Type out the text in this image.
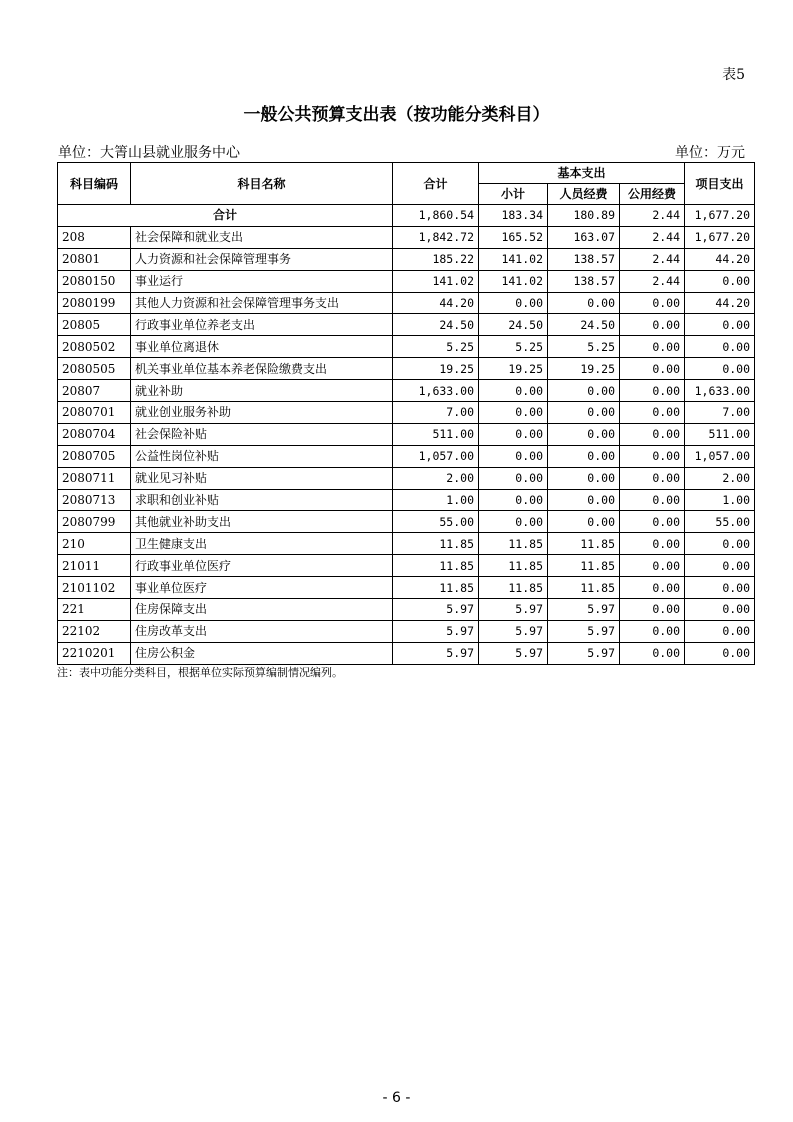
表5
一般公共预算支出表（按功能分类科目）
单位：大箐山县就业服务中心	单位：万元
科目编码	科目名称	合计	基本支出			项目支出
			小计	人员经费	公用经费	
合计		1,860.54	183.34	180.89	2.44	1,677.20
208	社会保障和就业支出	1,842.72	165.52	163.07	2.44	1,677.20
20801	人力资源和社会保障管理事务	185.22	141.02	138.57	2.44	44.20
2080150	事业运行	141.02	141.02	138.57	2.44	0.00
2080199	其他人力资源和社会保障管理事务支出	44.20	0.00	0.00	0.00	44.20
20805	行政事业单位养老支出	24.50	24.50	24.50	0.00	0.00
2080502	事业单位离退休	5.25	5.25	5.25	0.00	0.00
2080505	机关事业单位基本养老保险缴费支出	19.25	19.25	19.25	0.00	0.00
20807	就业补助	1,633.00	0.00	0.00	0.00	1,633.00
2080701	就业创业服务补助	7.00	0.00	0.00	0.00	7.00
2080704	社会保险补贴	511.00	0.00	0.00	0.00	511.00
2080705	公益性岗位补贴	1,057.00	0.00	0.00	0.00	1,057.00
2080711	就业见习补贴	2.00	0.00	0.00	0.00	2.00
2080713	求职和创业补贴	1.00	0.00	0.00	0.00	1.00
2080799	其他就业补助支出	55.00	0.00	0.00	0.00	55.00
210	卫生健康支出	11.85	11.85	11.85	0.00	0.00
21011	行政事业单位医疗	11.85	11.85	11.85	0.00	0.00
2101102	事业单位医疗	11.85	11.85	11.85	0.00	0.00
221	住房保障支出	5.97	5.97	5.97	0.00	0.00
22102	住房改革支出	5.97	5.97	5.97	0.00	0.00
2210201	住房公积金	5.97	5.97	5.97	0.00	0.00
注：表中功能分类科目，根据单位实际预算编制情况编列。
- 6 -
